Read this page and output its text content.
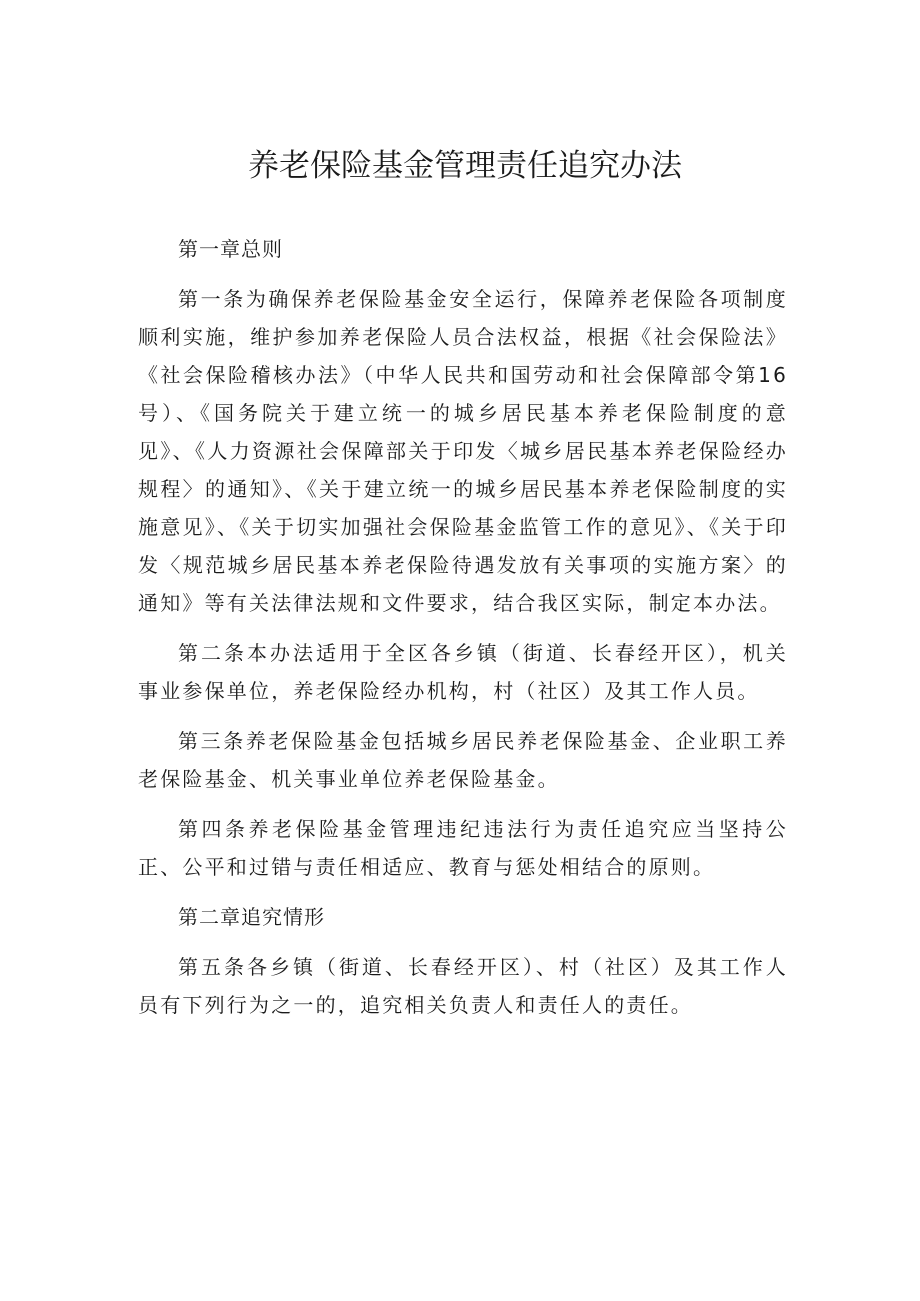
养老保险基金管理责任追究办法

第一章总则

第一条为确保养老保险基金安全运行，保障养老保险各项制度顺利实施，维护参加养老保险人员合法权益，根据《社会保险法》《社会保险稽核办法》（中华人民共和国劳动和社会保障部令第16号）、《国务院关于建立统一的城乡居民基本养老保险制度的意见》、《人力资源社会保障部关于印发〈城乡居民基本养老保险经办规程〉的通知》、《关于建立统一的城乡居民基本养老保险制度的实施意见》、《关于切实加强社会保险基金监管工作的意见》、《关于印发〈规范城乡居民基本养老保险待遇发放有关事项的实施方案〉的通知》等有关法律法规和文件要求，结合我区实际，制定本办法。

第二条本办法适用于全区各乡镇（街道、长春经开区），机关事业参保单位，养老保险经办机构，村（社区）及其工作人员。

第三条养老保险基金包括城乡居民养老保险基金、企业职工养老保险基金、机关事业单位养老保险基金。

第四条养老保险基金管理违纪违法行为责任追究应当坚持公正、公平和过错与责任相适应、教育与惩处相结合的原则。

第二章追究情形

第五条各乡镇（街道、长春经开区）、村（社区）及其工作人员有下列行为之一的，追究相关负责人和责任人的责任。
